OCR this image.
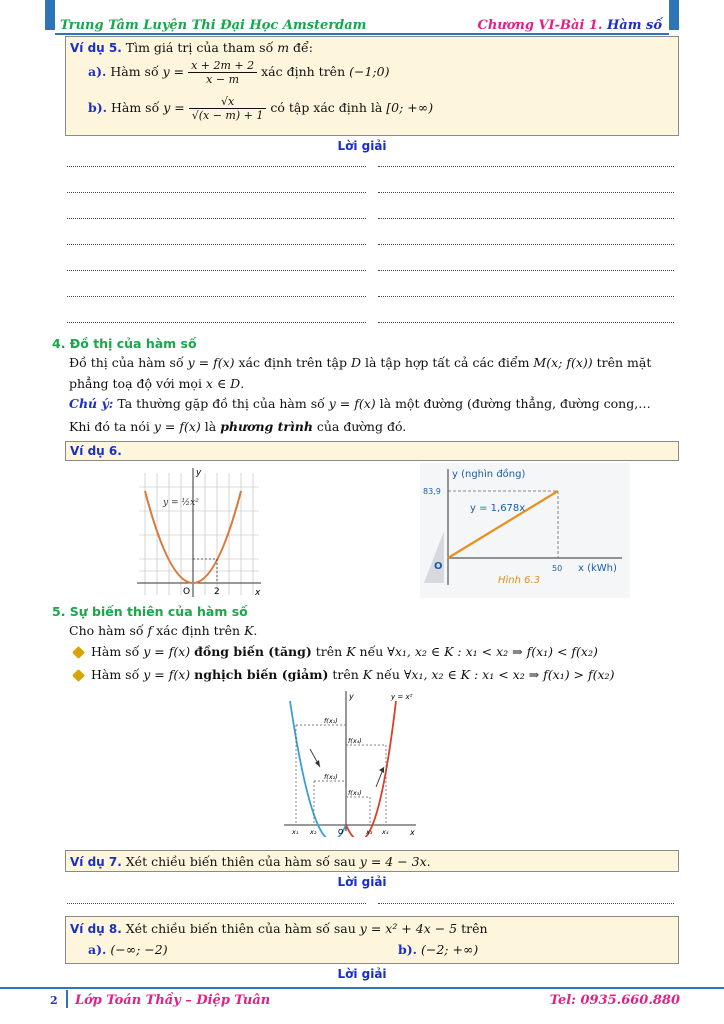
Trung Tâm Luyện Thi Đại Học Amsterdam	Chương VI-Bài 1. Hàm số
Ví dụ 5. Tìm giá trị của tham số m để:
a). Hàm số $y = \frac{x + 2m + 2}{x - m}$ xác định trên (−1;0)
b). Hàm số $y = \frac{√x}{√(x - m) + 1}$ có tập xác định là [0; +∞)
Lời giải
4. Đồ thị của hàm số
Đồ thị của hàm số y = f(x) xác định trên tập D là tập hợp tất cả các điểm M(x; f(x)) trên mặt
phẳng toạ độ với mọi x ∈ D.
Chú ý: Ta thường gặp đồ thị của hàm số y = f(x) là một đường (đường thẳng, đường cong,…
Khi đó ta nói y = f(x) là phương trình của đường đó.
Ví dụ 6.
y
x
O	2
y = ½x²
y (nghìn đồng)
83,9
y = 1,678x
50 x (kWh)
O
Hình 6.3
5. Sự biến thiên của hàm số
Cho hàm số f xác định trên K.
Hàm số y = f(x) đồng biến (tăng) trên K nếu ∀x₁, x₂ ∈ K : x₁ < x₂ ⇒ f(x₁) < f(x₂)
Hàm số y = f(x) nghịch biến (giảm) trên K nếu ∀x₁, x₂ ∈ K : x₁ < x₂ ⇒ f(x₁) > f(x₂)
y
x
O
y = x²
f(x₁)
f(x₂)
f(x₃)
f(x₄)
x₁ x₂	x₃ x₄
Ví dụ 7. Xét chiều biến thiên của hàm số sau y = 4 − 3x.
Lời giải
Ví dụ 8. Xét chiều biến thiên của hàm số sau y = x² + 4x − 5 trên
a). (−∞; −2)	b). (−2; +∞)
Lời giải
2 Lớp Toán Thầy – Diệp Tuân	Tel: 0935.660.880
